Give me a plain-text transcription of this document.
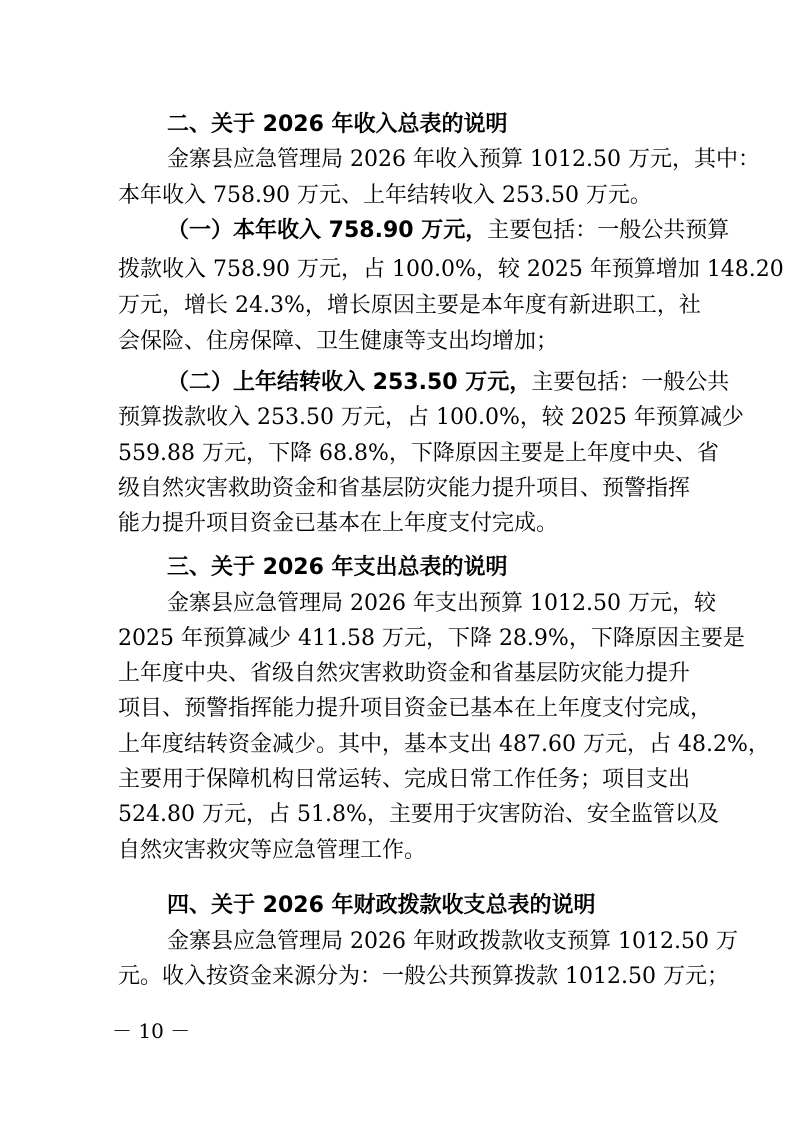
二、关于 2026 年收入总表的说明
金寨县应急管理局 2026 年收入预算 1012.50 万元，其中：
本年收入 758.90 万元、上年结转收入 253.50 万元。
（一）本年收入 758.90 万元， 主要包括：一般公共预算
拨款收入 758.90 万元，占 100.0%，较 2025 年预算增加 148.20
万元，增长 24.3%，增长原因主要是本年度有新进职工，社
会保险、住房保障、卫生健康等支出均增加；
（二）上年结转收入 253.50 万元， 主要包括：一般公共
预算拨款收入 253.50 万元，占 100.0%，较 2025 年预算减少
559.88 万元，下降 68.8%，下降原因主要是上年度中央、省
级自然灾害救助资金和省基层防灾能力提升项目、预警指挥
能力提升项目资金已基本在上年度支付完成。
三、关于 2026 年支出总表的说明
金寨县应急管理局 2026 年支出预算 1012.50 万元，较
2025 年预算减少 411.58 万元，下降 28.9%，下降原因主要是
上年度中央、省级自然灾害救助资金和省基层防灾能力提升
项目、预警指挥能力提升项目资金已基本在上年度支付完成，
上年度结转资金减少。其中，基本支出 487.60 万元，占 48.2%，
主要用于保障机构日常运转、完成日常工作任务；项目支出
524.80 万元，占 51.8%，主要用于灾害防治、安全监管以及
自然灾害救灾等应急管理工作。
－ 10 －
四、关于 2026 年财政拨款收支总表的说明
金寨县应急管理局 2026 年财政拨款收支预算 1012.50 万
元。收入按资金来源分为：一般公共预算拨款 1012.50 万元；
